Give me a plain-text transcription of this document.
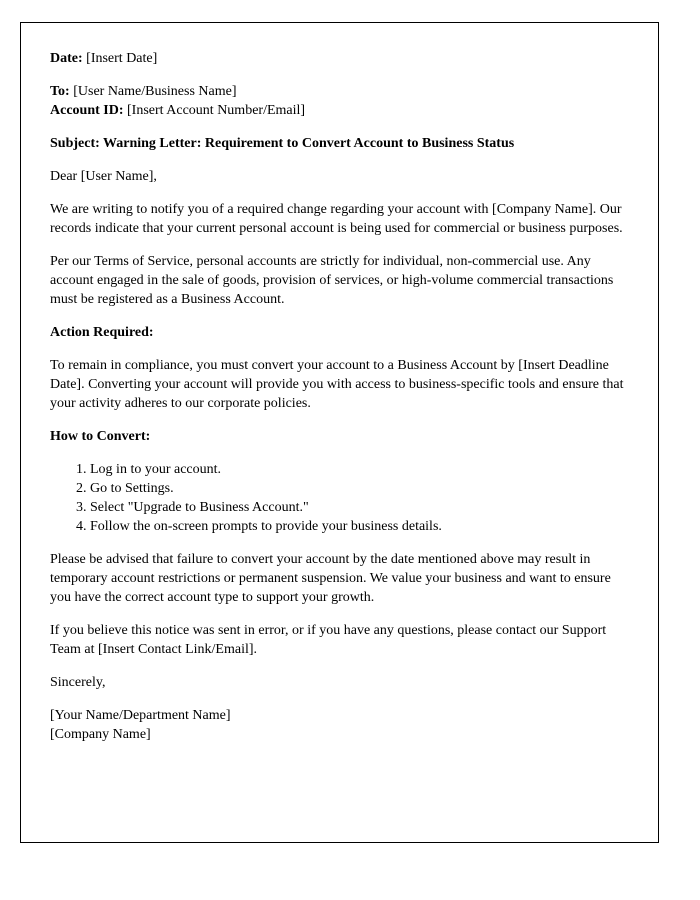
Date: [Insert Date]

To: [User Name/Business Name]

Account ID: [Insert Account Number/Email]

Subject: Warning Letter: Requirement to Convert Account to Business Status

Dear [User Name],

We are writing to notify you of a required change regarding your account with [Company Name]. Our records indicate that your current personal account is being used for commercial or business purposes.

Per our Terms of Service, personal accounts are strictly for individual, non-commercial use. Any account engaged in the sale of goods, provision of services, or high-volume commercial transactions must be registered as a Business Account.

Action Required:

To remain in compliance, you must convert your account to a Business Account by [Insert Deadline Date]. Converting your account will provide you with access to business-specific tools and ensure that your activity adheres to our corporate policies.

How to Convert:

1. Log in to your account.
2. Go to Settings.
3. Select "Upgrade to Business Account."
4. Follow the on-screen prompts to provide your business details.

Please be advised that failure to convert your account by the date mentioned above may result in temporary account restrictions or permanent suspension. We value your business and want to ensure you have the correct account type to support your growth.

If you believe this notice was sent in error, or if you have any questions, please contact our Support Team at [Insert Contact Link/Email].

Sincerely,

[Your Name/Department Name]

[Company Name]
